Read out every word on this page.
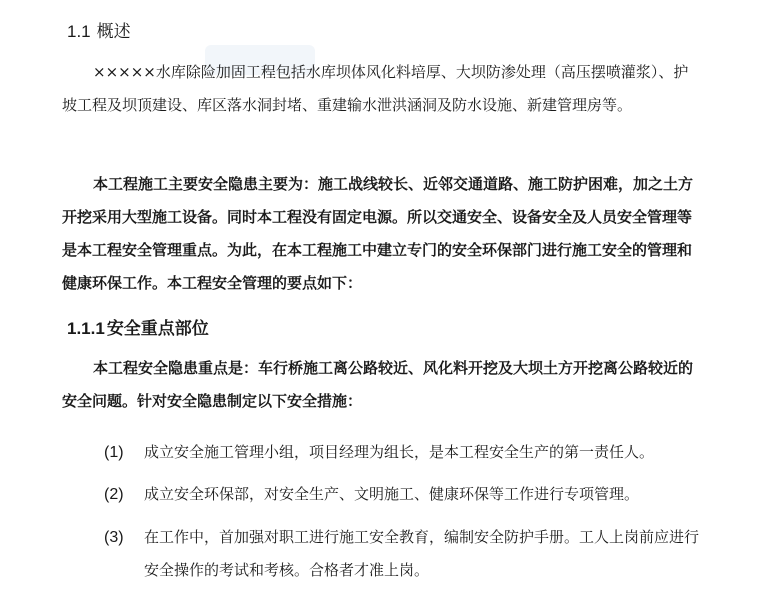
1.1 概述

×××××水库除险加固工程包括水库坝体风化料培厚、大坝防渗处理（高压摆喷灌浆）、护坡工程及坝顶建设、库区落水洞封堵、重建输水泄洪涵洞及防水设施、新建管理房等。

本工程施工主要安全隐患主要为：施工战线较长、近邻交通道路、施工防护困难，加之土方开挖采用大型施工设备。同时本工程没有固定电源。所以交通安全、设备安全及人员安全管理等是本工程安全管理重点。为此，在本工程施工中建立专门的安全环保部门进行施工安全的管理和健康环保工作。本工程安全管理的要点如下：

1.1.1 安全重点部位

本工程安全隐患重点是：车行桥施工离公路较近、风化料开挖及大坝土方开挖离公路较近的安全问题。针对安全隐患制定以下安全措施：

(1) 成立安全施工管理小组，项目经理为组长，是本工程安全生产的第一责任人。
(2) 成立安全环保部，对安全生产、文明施工、健康环保等工作进行专项管理。
(3) 在工作中，首加强对职工进行施工安全教育，编制安全防护手册。工人上岗前应进行安全操作的考试和考核。合格者才准上岗。
